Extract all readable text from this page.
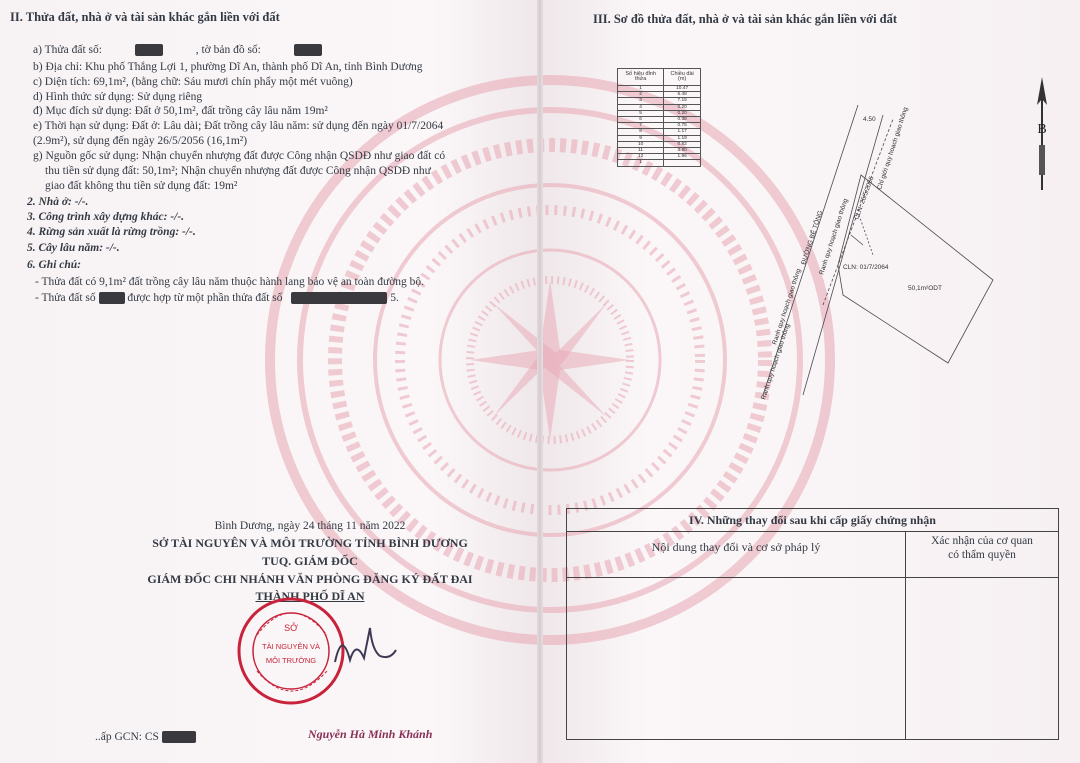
II. Thửa đất, nhà ở và tài sản khác gắn liền với đất
a) Thửa đất số:	, tờ bản đồ số:
b) Địa chỉ: Khu phố Thắng Lợi 1, phường Dĩ An, thành phố Dĩ An, tỉnh Bình Dương
c) Diện tích: 69,1m², (bằng chữ: Sáu mươi chín phẩy một mét vuông)
d) Hình thức sử dụng: Sử dụng riêng
đ) Mục đích sử dụng: Đất ở 50,1m², đất trồng cây lâu năm 19m²
e) Thời hạn sử dụng: Đất ở: Lâu dài; Đất trồng cây lâu năm: sử dụng đến ngày 01/7/2064
(2.9m²), sử dụng đến ngày 26/5/2056 (16,1m²)
g) Nguồn gốc sử dụng: Nhận chuyển nhượng đất được Công nhận QSDĐ như giao đất có
thu tiền sử dụng đất: 50,1m²; Nhận chuyển nhượng đất được Công nhận QSDĐ như
giao đất không thu tiền sử dụng đất: 19m²
2. Nhà ở: -/-.
3. Công trình xây dựng khác: -/-.
4. Rừng sản xuất là rừng trồng: -/-.
5. Cây lâu năm: -/-.
6. Ghi chú:
- Thửa đất có 9,1m² đất trồng cây lâu năm thuộc hành lang bảo vệ an toàn đường bộ.
- Thửa đất số	được hợp từ một phần thửa đất số	5.
Bình Dương, ngày 24 tháng 11 năm 2022
SỞ TÀI NGUYÊN VÀ MÔI TRƯỜNG TỈNH BÌNH DƯƠNG
TUQ. GIÁM ĐỐC
GIÁM ĐỐC CHI NHÁNH VĂN PHÒNG ĐĂNG KÝ ĐẤT ĐAI
THÀNH PHỐ DĨ AN
SỞ
TÀI NGUYÊN VÀ
MÔI TRƯỜNG
Nguyễn Hà Minh Khánh
..ấp GCN: CS
III. Sơ đồ thửa đất, nhà ở và tài sản khác gắn liền với đất
Số hiệu đỉnh thửa	Chiều dài (m)
1	10.47
2	6.48
3	7.15
4	0.20
5	0.20
6	0.38
7	0.75
8	1.17
9	1.19
10	0.82
11	3.90
12	1.96
1	
ĐƯỜNG BÊ TÔNG
Ranh quy hoạch giao thông
Ranh quy hoạch giao thông
CLN: 26/5/2056
CLN: 01/7/2064
Chỉ giới quy hoạch giao thông
50,1m²ODT
4.50
Ranh quy hoạch giao thông
B
IV. Những thay đổi sau khi cấp giấy chứng nhận
Nội dung thay đổi và cơ sở pháp lý	Xác nhận của cơ quan
có thẩm quyền
